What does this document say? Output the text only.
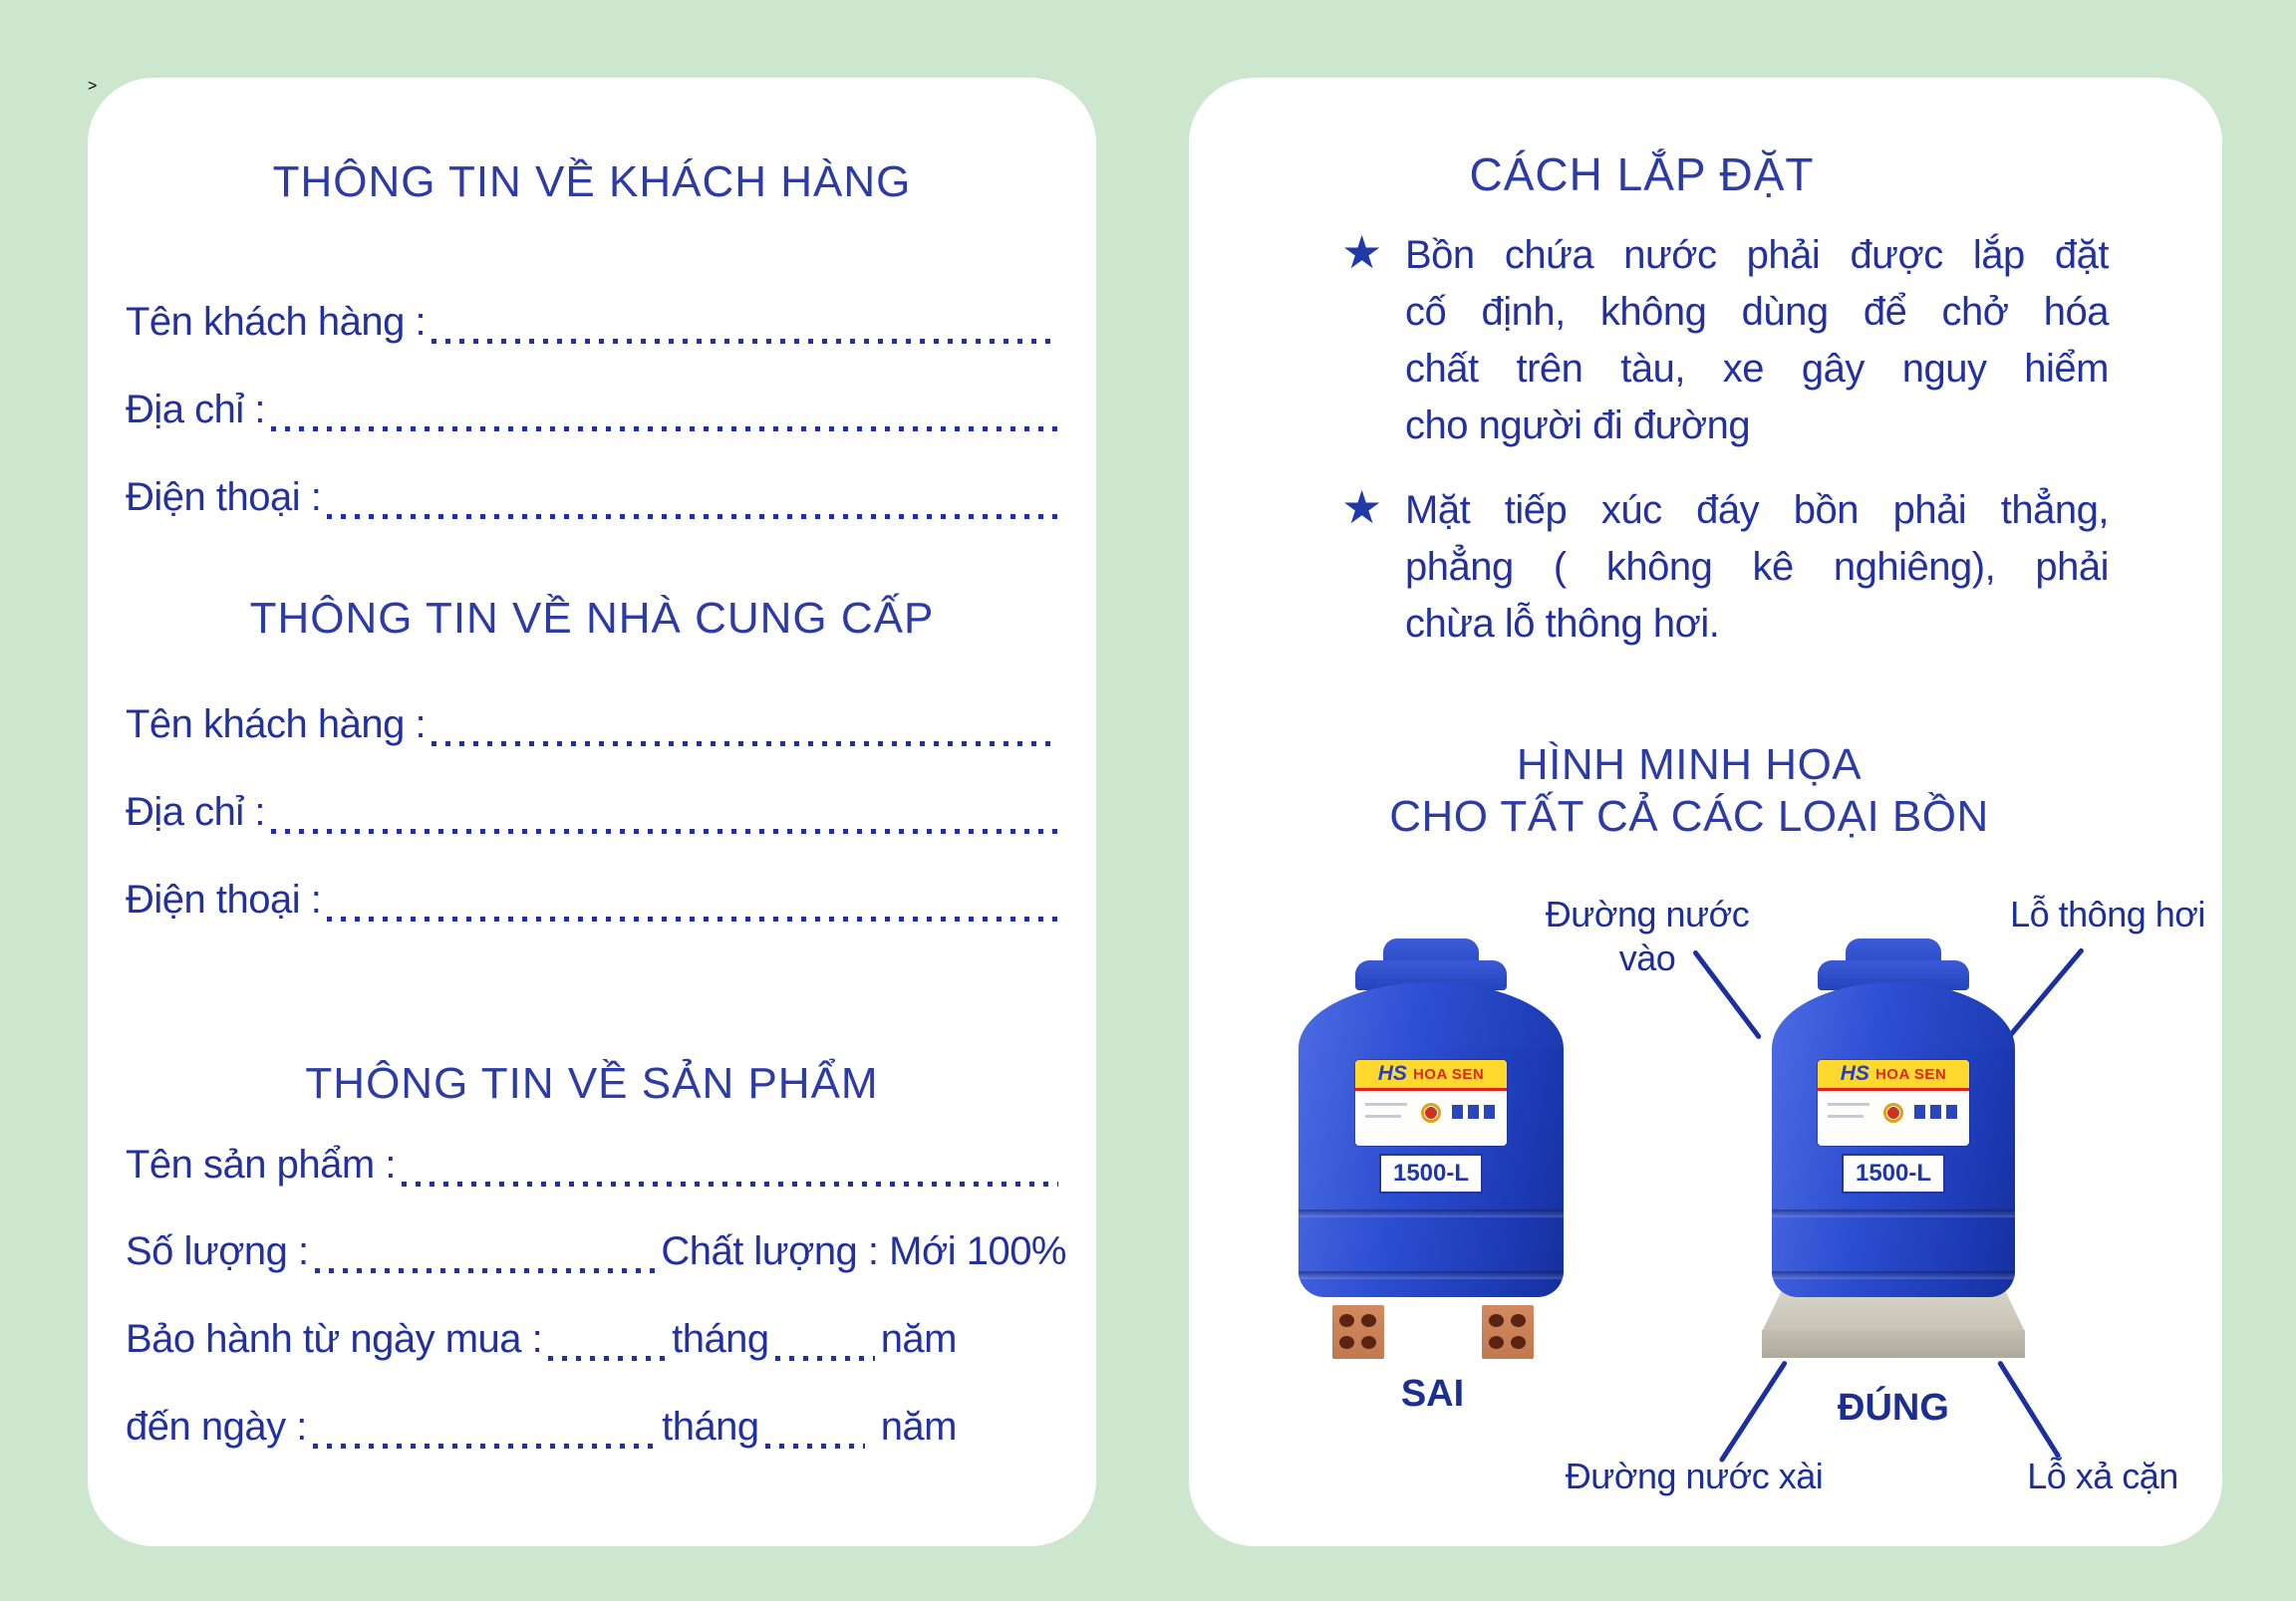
>
THÔNG TIN VỀ KHÁCH HÀNG
Tên khách hàng :
Địa chỉ :
Điện thoại :
THÔNG TIN VỀ NHÀ CUNG CẤP
Tên khách hàng :
Địa chỉ :
Điện thoại :
THÔNG TIN VỀ SẢN PHẨM
Tên sản phẩm :
Số lượng :	Chất lượng : Mới 100%
Bảo hành từ ngày mua :	tháng	năm
đến ngày :	tháng	năm
CÁCH LẮP ĐẶT
★ Bồn chứa nước phải được lắp đặt
cố định, không dùng để chở hóa
chất trên tàu, xe gây nguy hiểm
cho người đi đường
★ Mặt tiếp xúc đáy bồn phải thẳng,
phẳng ( không kê nghiêng), phải
chừa lỗ thông hơi.
HÌNH MINH HỌA
CHO TẤT CẢ CÁC LOẠI BỒN
Đường nước
vào
Lỗ thông hơi
HS HOA SEN
1500-L
SAI
HS HOA SEN
1500-L
ĐÚNG
Đường nước xài	Lỗ xả cặn
